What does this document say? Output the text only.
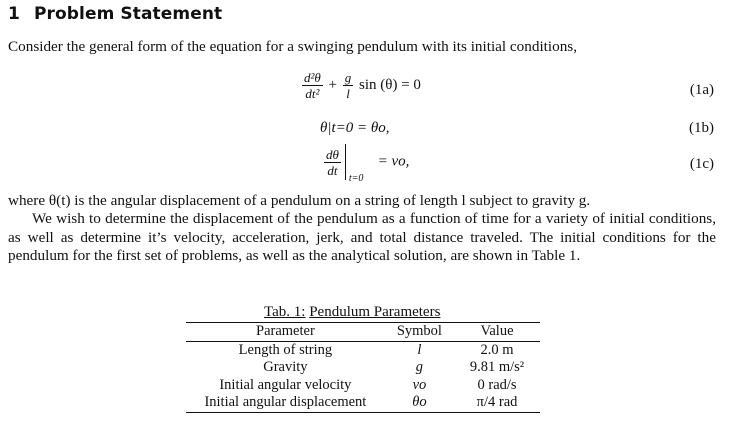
1 Problem Statement
Consider the general form of the equation for a swinging pendulum with its initial conditions,
$\frac{\text{d²θ}}{\text{dt²}} + \frac{g}{l}$ sin (θ) = 0	(1a)
θ|t=0 = θo,	(1b)
$\frac{d\theta}{dt}$
t=0
= vo,	(1c)
where θ(t) is the angular displacement of a pendulum on a string of length l subject to gravity g.
We wish to determine the displacement of the pendulum as a function of time for a variety of initial conditions, as well as determine it’s velocity, acceleration, jerk, and total distance traveled. The initial conditions for the pendulum for the first set of problems, as well as the analytical solution, are shown in Table 1.
Tab. 1: Pendulum Parameters
Parameter	Symbol	Value
Length of string	l	2.0 m
Gravity	g	9.81 m/s²
Initial angular velocity	vo	0 rad/s
Initial angular displacement	θo	π/4 rad
